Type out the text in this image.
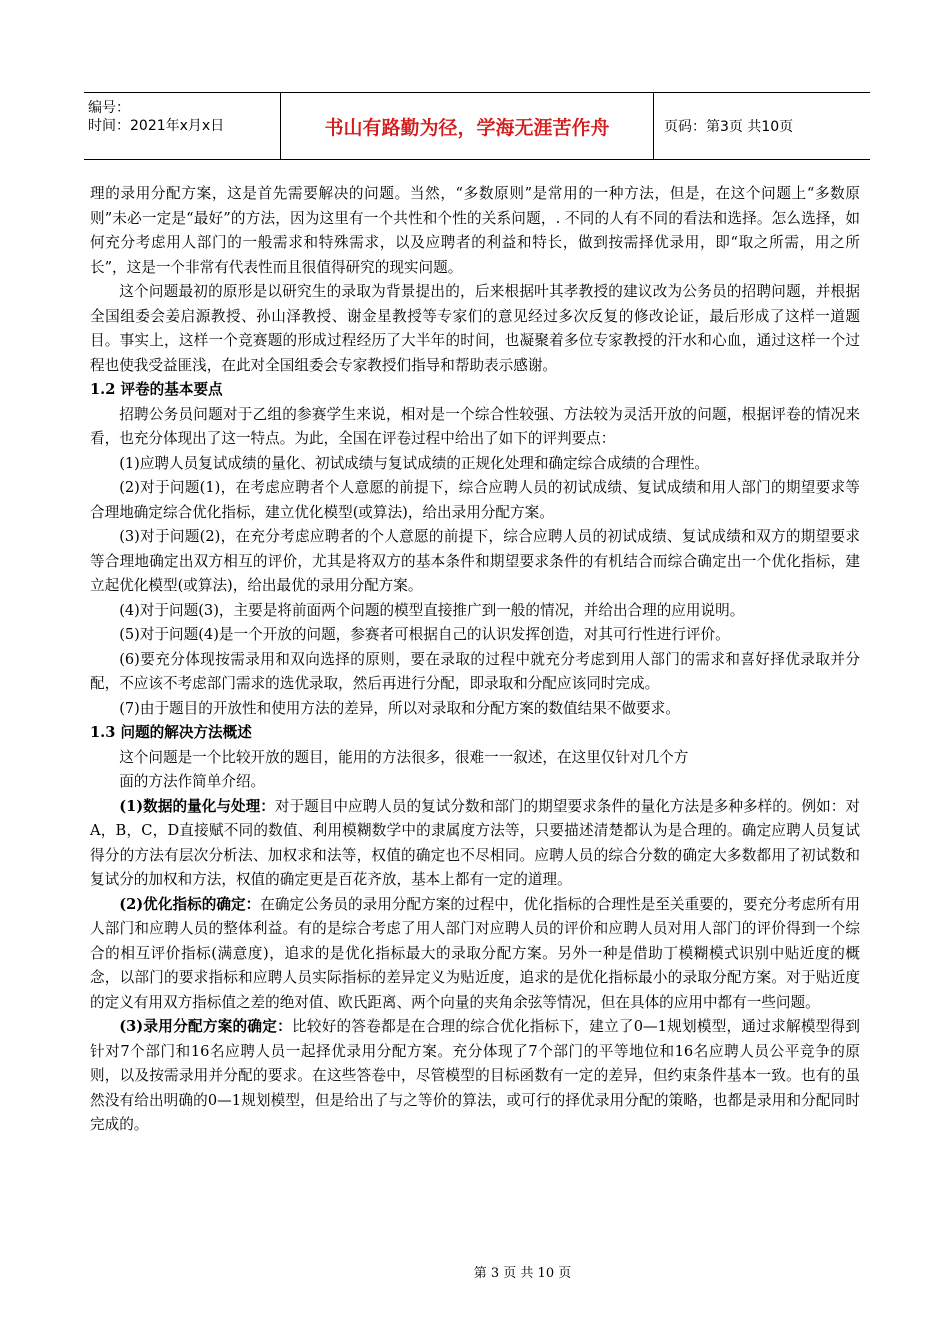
编号：
时间：2021年x月x日	书山有路勤为径，学海无涯苦作舟	页码：第3页 共10页

理的录用分配方案，这是首先需要解决的问题。当然，“多数原则”是常用的一种方法，但是，在这个问题上“多数原则”未必一定是“最好”的方法，因为这里有一个共性和个性的关系问题，. 不同的人有不同的看法和选择。怎么选择，如何充分考虑用人部门的一般需求和特殊需求，以及应聘者的利益和特长，做到按需择优录用，即“取之所需，用之所长”，这是一个非常有代表性而且很值得研究的现实问题。

这个问题最初的原形是以研究生的录取为背景提出的，后来根据叶其孝教授的建议改为公务员的招聘问题，并根据全国组委会姜启源教授、孙山泽教授、谢金星教授等专家们的意见经过多次反复的修改论证，最后形成了这样一道题目。事实上，这样一个竞赛题的形成过程经历了大半年的时间，也凝聚着多位专家教授的汗水和心血，通过这样一个过程也使我受益匪浅，在此对全国组委会专家教授们指导和帮助表示感谢。

1.2 评卷的基本要点

招聘公务员问题对于乙组的参赛学生来说，相对是一个综合性较强、方法较为灵活开放的问题，根据评卷的情况来看，也充分体现出了这一特点。为此，全国在评卷过程中给出了如下的评判要点：

(1)应聘人员复试成绩的量化、初试成绩与复试成绩的正规化处理和确定综合成绩的合理性。

(2)对于问题(1)，在考虑应聘者个人意愿的前提下，综合应聘人员的初试成绩、复试成绩和用人部门的期望要求等合理地确定综合优化指标，建立优化模型(或算法)，给出录用分配方案。

(3)对于问题(2)，在充分考虑应聘者的个人意愿的前提下，综合应聘人员的初试成绩、复试成绩和双方的期望要求等合理地确定出双方相互的评价，尤其是将双方的基本条件和期望要求条件的有机结合而综合确定出一个优化指标，建立起优化模型(或算法)，给出最优的录用分配方案。

(4)对于问题(3)，主要是将前面两个问题的模型直接推广到一般的情况，并给出合理的应用说明。

(5)对于问题(4)是一个开放的问题，参赛者可根据自己的认识发挥创造，对其可行性进行评价。

(6)要充分体现按需录用和双向选择的原则，要在录取的过程中就充分考虑到用人部门的需求和喜好择优录取并分配，不应该不考虑部门需求的选优录取，然后再进行分配，即录取和分配应该同时完成。

(7)由于题目的开放性和使用方法的差异，所以对录取和分配方案的数值结果不做要求。

1.3 问题的解决方法概述

这个问题是一个比较开放的题目，能用的方法很多，很难一一叙述，在这里仅针对几个方

面的方法作简单介绍。

(1)数据的量化与处理：对于题目中应聘人员的复试分数和部门的期望要求条件的量化方法是多种多样的。例如：对A，B，C，D直接赋不同的数值、利用模糊数学中的隶属度方法等，只要描述清楚都认为是合理的。确定应聘人员复试得分的方法有层次分析法、加权求和法等，权值的确定也不尽相同。应聘人员的综合分数的确定大多数都用了初试数和复试分的加权和方法，权值的确定更是百花齐放，基本上都有一定的道理。

(2)优化指标的确定：在确定公务员的录用分配方案的过程中，优化指标的合理性是至关重要的，要充分考虑所有用人部门和应聘人员的整体利益。有的是综合考虑了用人部门对应聘人员的评价和应聘人员对用人部门的评价得到一个综合的相互评价指标(满意度)，追求的是优化指标最大的录取分配方案。另外一种是借助丁模糊模式识别中贴近度的概念，以部门的要求指标和应聘人员实际指标的差异定义为贴近度，追求的是优化指标最小的录取分配方案。对于贴近度的定义有用双方指标值之差的绝对值、欧氏距离、两个向量的夹角余弦等情况，但在具体的应用中都有一些问题。

(3)录用分配方案的确定：比较好的答卷都是在合理的综合优化指标下，建立了0—1规划模型，通过求解模型得到针对7个部门和16名应聘人员一起择优录用分配方案。充分体现了7个部门的平等地位和16名应聘人员公平竞争的原则，以及按需录用并分配的要求。在这些答卷中，尽管模型的目标函数有一定的差异，但约束条件基本一致。也有的虽然没有给出明确的0—1规划模型，但是给出了与之等价的算法，或可行的择优录用分配的策略，也都是录用和分配同时完成的。

第 3 页 共 10 页
